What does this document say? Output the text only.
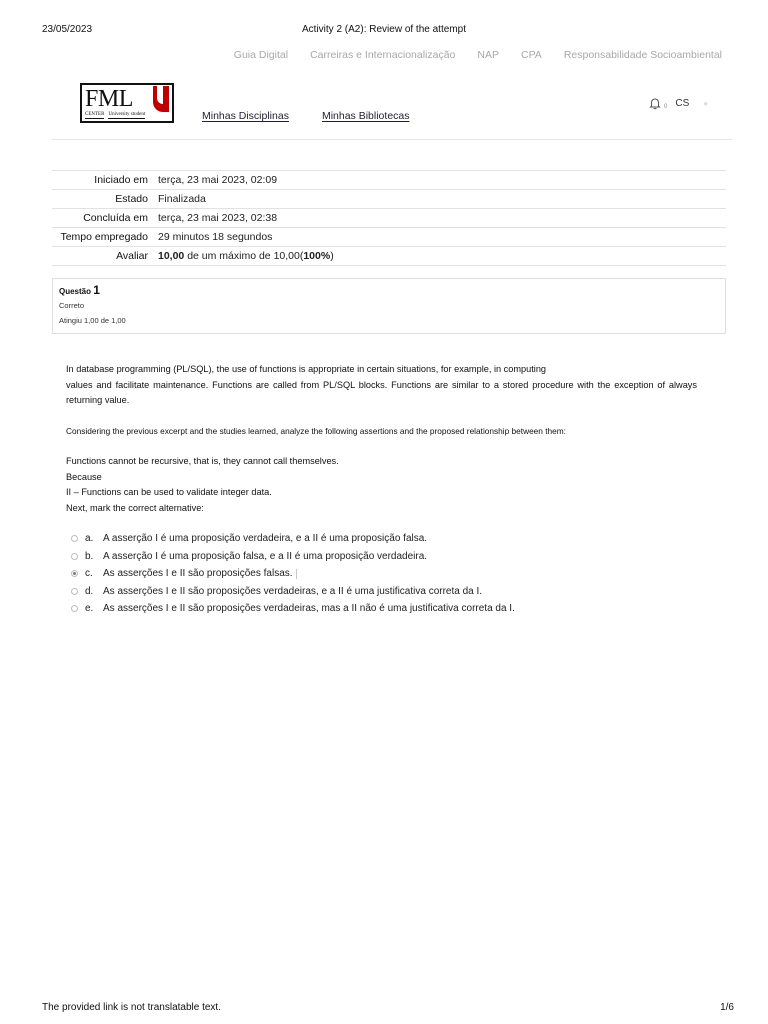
23/05/2023	Activity 2 (A2): Review of the attempt
Guia Digital Carreiras e Internacionalização NAP CPA Responsabilidade Socioambiental
FML
CENTER University student	Minhas Disciplinas	Minhas Bibliotecas
0 CS ●
Iniciado em	terça, 23 mai 2023, 02:09
Estado	Finalizada
Concluída em	terça, 23 mai 2023, 02:38
Tempo empregado	29 minutos 18 segundos
Avaliar	10,00 de um máximo de 10,00(100%)
Questão 1
Correto
Atingiu 1,00 de 1,00

In database programming (PL/SQL), the use of functions is appropriate in certain situations, for example, in computing

values and facilitate maintenance. Functions are called from PL/SQL blocks. Functions are similar to a stored procedure with the exception of always returning value.

Considering the previous excerpt and the studies learned, analyze the following assertions and the proposed relationship between them:

Functions cannot be recursive, that is, they cannot call themselves.

Because

II – Functions can be used to validate integer data.

Next, mark the correct alternative:

a. A asserção I é uma proposição verdadeira, e a II é uma proposição falsa.
b. A asserção I é uma proposição falsa, e a II é uma proposição verdadeira.
c.	As asserções I e II são proposições falsas.
d. As asserções I e II são proposições verdadeiras, e a II é uma justificativa correta da I.
e. As asserções I e II são proposições verdadeiras, mas a II não é uma justificativa correta da I.
The provided link is not translatable text.	1/6
